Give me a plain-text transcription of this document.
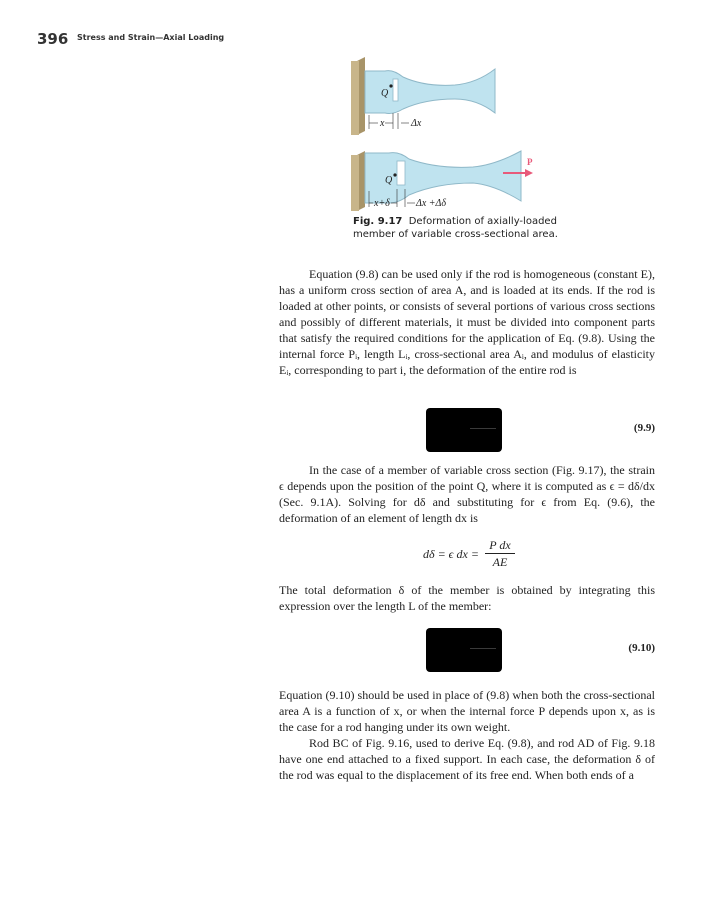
396 Stress and Strain—Axial Loading
Q
x	Δx
Q
P
x+δ	Δx +Δδ
Fig. 9.17 Deformation of axially-loaded member of variable cross-sectional area.

Equation (9.8) can be used only if the rod is homogeneous (constant E), has a uniform cross section of area A, and is loaded at its ends. If the rod is loaded at other points, or consists of several portions of various cross sections and possibly of different materials, it must be divided into component parts that satisfy the required conditions for the application of Eq. (9.8). Using the internal force Pᵢ, length Lᵢ, cross-sectional area Aᵢ, and modulus of elasticity Eᵢ, corresponding to part i, the deformation of the entire rod is

(9.9)

In the case of a member of variable cross section (Fig. 9.17), the strain ϵ depends upon the position of the point Q, where it is computed as ϵ = dδ/dx (Sec. 9.1A). Solving for dδ and substituting for ϵ from Eq. (9.6), the deformation of an element of length dx is

dδ = ϵ dx =
P dx
AE

The total deformation δ of the member is obtained by integrating this expression over the length L of the member:

(9.10)

Equation (9.10) should be used in place of (9.8) when both the cross-sectional area A is a function of x, or when the internal force P depends upon x, as is the case for a rod hanging under its own weight.

Rod BC of Fig. 9.16, used to derive Eq. (9.8), and rod AD of Fig. 9.18 have one end attached to a fixed support. In each case, the deformation δ of the rod was equal to the displacement of its free end. When both ends of a
